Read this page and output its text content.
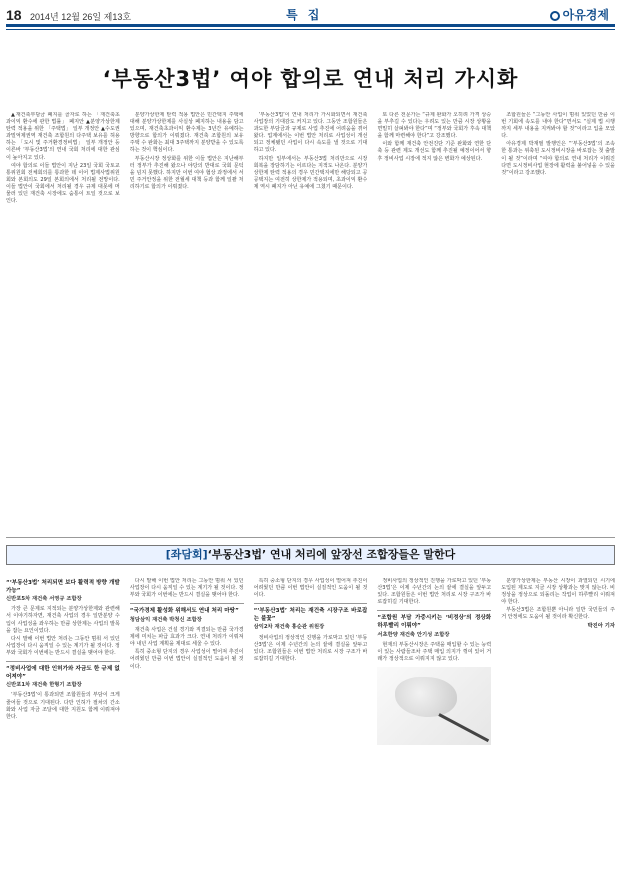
18 2014년 12월 26일 제13호	특 집	아유경제
‘부동산3법’ 여야 합의로 연내 처리 가시화

▲재건축부담금 폐지를 골자로 하는 「재건축초과이익 환수에 관한 법률」 폐지안 ▲분양가상한제 탄력 적용을 위한 「주택법」 일부 개정안 ▲수도권 과밀억제권역 재건축 조합원의 다주택 보유를 허용하는 「도시 및 주거환경정비법」 일부 개정안 등 이른바 ‘부동산3법’의 연내 국회 처리에 대한 관심이 높아지고 있다.

여야 합의로 이들 법안이 지난 23일 국회 국토교통위원회 전체회의를 통과한 데 이어 법제사법위원회와 본회의도 29일 본회의에서 처리될 전망이다. 이들 법안이 국회에서 처리될 경우 규제 대못에 머물러 있던 재건축 시장에도 숨통이 트일 것으로 보인다.

분양가상한제 탄력 적용 법안은 민간택지 주택에 대해 분양가상한제를 사실상 폐지하는 내용을 담고 있으며, 재건축초과이익 환수제는 3년간 유예하는 방향으로 합의가 이뤄졌다. 재건축 조합원의 보유 주택 수 완화는 최대 3주택까지 분양받을 수 있도록 하는 것이 핵심이다.

부동산시장 정상화를 위한 이들 법안은 지난해부터 정부가 추진해 왔으나 야당의 반대로 국회 문턱을 넘지 못했다. 하지만 이번 여야 협상 과정에서 서민 주거안정을 위한 전월세 대책 등과 함께 일괄 처리하기로 합의가 이뤄졌다.

‘부동산3법’이 연내 처리가 가시화되면서 재건축 사업장의 기대감도 커지고 있다. 그동안 조합원들은 과도한 부담금과 규제로 사업 추진에 어려움을 겪어 왔다. 업계에서는 이번 법안 처리로 사업성이 개선되고 정체됐던 사업이 다시 속도를 낼 것으로 기대하고 있다.

하지만 일부에서는 부동산3법 처리만으로 시장 회복을 장담하기는 이르다는 지적도 나온다. 분양가상한제 탄력 적용의 경우 민간택지에만 해당되고 공공택지는 여전히 상한제가 적용되며, 초과이익 환수제 역시 폐지가 아닌 유예에 그쳤기 때문이다.

또 다른 전문가는 “규제 완화가 오히려 가격 상승을 부추길 수 있다는 우려도 있는 만큼 시장 상황을 면밀히 살펴봐야 한다”며 “정부와 국회가 후속 대책을 함께 마련해야 한다”고 강조했다.

이와 함께 재건축 안전진단 기준 완화와 연한 단축 등 관련 제도 개선도 함께 추진될 예정이어서 향후 정비사업 시장에 적지 않은 변화가 예상된다.

조합원들은 “그동안 사업이 멈춰 있었던 만큼 이번 기회에 속도를 내야 한다”면서도 “실제 법 시행까지 세부 내용을 지켜봐야 할 것”이라고 입을 모았다.

아유경제 박재필 발행인은 “‘부동산3법’의 조속한 통과는 위축된 도시정비시장을 바로잡는 첫 출발이 될 것”이라며 “여야 합의로 연내 처리가 이뤄진다면 도시정비사업 현장에 활력을 불어넣을 수 있을 것”이라고 강조했다.

[좌담회]‘부동산3법’ 연내 처리에 앞장선 조합장들은 말한다

“‘부동산3법’ 처리되면 보다 활력적 방향 개발 가능”

신반포5차 재건축 서영규 조합장

가장 큰 문제로 지적되는 분양가상한제와 관련해서 이야기하자면, 재건축 사업의 경우 일반분양 수입이 사업성을 좌우하는 만큼 상한제는 사업의 발목을 잡는 요인이었다.

다시 말해 이번 법안 처리는 그동안 멈춰 서 있던 사업장이 다시 움직일 수 있는 계기가 될 것이다. 정부와 국회가 이번에는 반드시 결실을 맺어야 한다.

“정비사업에 대한 인허가와 자금도 한 규제 없어져야”

신반포1차 재건축 한형기 조합장

‘부동산3법’이 통과되면 조합원들의 부담이 크게 줄어들 것으로 기대된다. 다만 인허가 절차의 간소화와 사업 자금 조달에 대한 지원도 함께 이뤄져야 한다.

다시 말해 이번 법안 처리는 그동안 멈춰 서 있던 사업장이 다시 움직일 수 있는 계기가 될 것이다. 정부와 국회가 이번에는 반드시 결실을 맺어야 한다.

“국가경제 활성화 위해서도 연내 처리 마땅”

청담삼익 재건축 박청신 조합장

재건축 사업은 건설 경기와 직결되는 만큼 국가경제에 미치는 파급 효과가 크다. 연내 처리가 이뤄져야 내년 사업 계획을 제대로 세울 수 있다.

특히 중소형 단지의 경우 사업성이 떨어져 추진이 어려웠던 만큼 이번 법안이 실질적인 도움이 될 것이다.

특히 중소형 단지의 경우 사업성이 떨어져 추진이 어려웠던 만큼 이번 법안이 실질적인 도움이 될 것이다.

“‘부동산3법’ 처리는 재건축 시장구조 바로잡는 불꽃”

삼익2차 재건축 홍순관 위원장

정비사업의 정상적인 진행을 가로막고 있던 ‘부동산3법’은 이제 수년간의 논의 끝에 결실을 앞두고 있다. 조합원들은 이번 법안 처리로 시장 구조가 바로잡히길 기대한다.

정비사업의 정상적인 진행을 가로막고 있던 ‘부동산3법’은 이제 수년간의 논의 끝에 결실을 앞두고 있다. 조합원들은 이번 법안 처리로 시장 구조가 바로잡히길 기대한다.

“조합원 부담 가중시키는 ‘비정상’의 정상화 하루빨리 이뤄야”

서초한양 재건축 안기성 조합장

현재의 부동산시장은 주택을 매입할 수 있는 능력이 있는 사람들조차 주택 매입 의지가 꺾여 있어 거래가 정상적으로 이뤄지지 않고 있다.

분양가상한제는 부동산 시장이 과열되던 시기에 도입된 제도로 지금 시장 상황과는 맞지 않는다. 비정상을 정상으로 되돌리는 작업이 하루빨리 이뤄져야 한다.

부동산3법은 조합원뿐 아니라 일반 국민들의 주거 안정에도 도움이 될 것이라 확신한다.

박진아 기자
